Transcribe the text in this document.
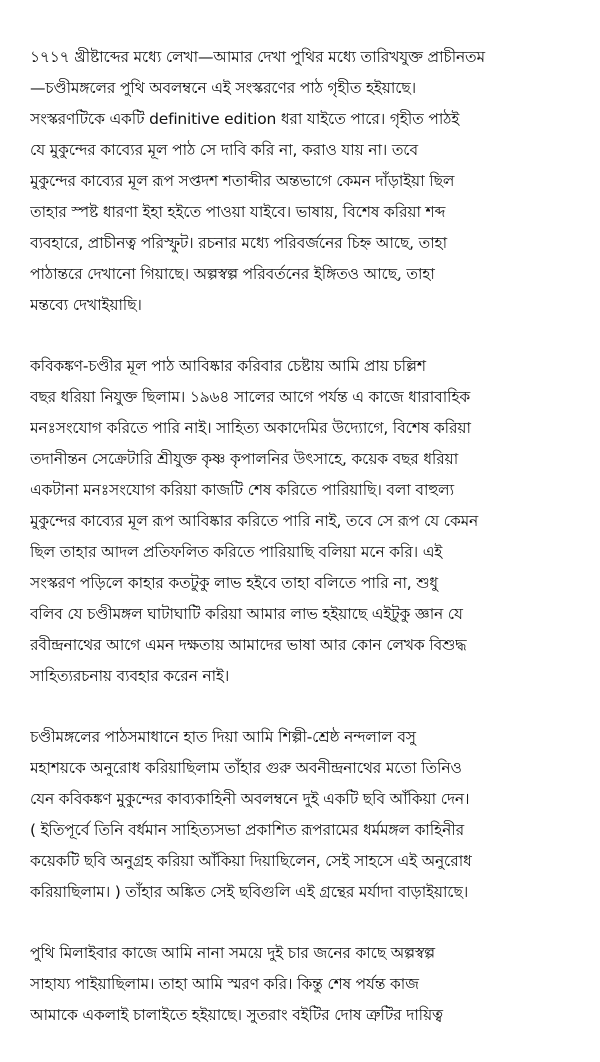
১৭১৭ খ্রীষ্টাব্দের মধ্যে লেখা—আমার দেখা পুথির মধ্যে তারিখযুক্ত প্রাচীনতম
—চণ্ডীমঙ্গলের পুথি অবলম্বনে এই সংস্করণের পাঠ গৃহীত হইয়াছে।
সংস্করণটিকে একটি definitive edition ধরা যাইতে পারে। গৃহীত পাঠই
যে মুকুন্দের কাব্যের মূল পাঠ সে দাবি করি না, করাও যায় না। তবে
মুকুন্দের কাব্যের মূল রূপ সপ্তদশ শতাব্দীর অন্তভাগে কেমন দাঁড়াইয়া ছিল
তাহার স্পষ্ট ধারণা ইহা হইতে পাওয়া যাইবে। ভাষায়, বিশেষ করিয়া শব্দ
ব্যবহারে, প্রাচীনত্ব পরিস্ফুট। রচনার মধ্যে পরিবর্জনের চিহ্ন আছে, তাহা
পাঠান্তরে দেখানো গিয়াছে। অল্পস্বল্প পরিবর্তনের ইঙ্গিতও আছে, তাহা
মন্তব্যে দেখাইয়াছি।
কবিকঙ্কণ-চণ্ডীর মূল পাঠ আবিষ্কার করিবার চেষ্টায় আমি প্রায় চল্লিশ
বছর ধরিয়া নিযুক্ত ছিলাম। ১৯৬৪ সালের আগে পর্যন্ত এ কাজে ধারাবাহিক
মনঃসংযোগ করিতে পারি নাই। সাহিত্য অকাদেমির উদ্যোগে, বিশেষ করিয়া
তদানীন্তন সেক্রেটারি শ্রীযুক্ত কৃষ্ণ কৃপালনির উৎসাহে, কয়েক বছর ধরিয়া
একটানা মনঃসংযোগ করিয়া কাজটি শেষ করিতে পারিয়াছি। বলা বাহুল্য
মুকুন্দের কাব্যের মূল রূপ আবিষ্কার করিতে পারি নাই, তবে সে রূপ যে কেমন
ছিল তাহার আদল প্রতিফলিত করিতে পারিয়াছি বলিয়া মনে করি। এই
সংস্করণ পড়িলে কাহার কতটুকু লাভ হইবে তাহা বলিতে পারি না, শুধু
বলিব যে চণ্ডীমঙ্গল ঘাটাঘাটি করিয়া আমার লাভ হইয়াছে এইটুকু জ্ঞান যে
রবীন্দ্রনাথের আগে এমন দক্ষতায় আমাদের ভাষা আর কোন লেখক বিশুদ্ধ
সাহিত্যরচনায় ব্যবহার করেন নাই।
চণ্ডীমঙ্গলের পাঠসমাধানে হাত দিয়া আমি শিল্পী-শ্রেষ্ঠ নন্দলাল বসু
মহাশয়কে অনুরোধ করিয়াছিলাম তাঁহার গুরু অবনীন্দ্রনাথের মতো তিনিও
যেন কবিকঙ্কণ মুকুন্দের কাব্যকাহিনী অবলম্বনে দুই একটি ছবি আঁকিয়া দেন।
( ইতিপূর্বে তিনি বর্ধমান সাহিত্যসভা প্রকাশিত রূপরামের ধর্মমঙ্গল কাহিনীর
কয়েকটি ছবি অনুগ্রহ করিয়া আঁকিয়া দিয়াছিলেন, সেই সাহসে এই অনুরোধ
করিয়াছিলাম। ) তাঁহার অঙ্কিত সেই ছবিগুলি এই গ্রন্থের মর্যাদা বাড়াইয়াছে।
পুথি মিলাইবার কাজে আমি নানা সময়ে দুই চার জনের কাছে অল্পস্বল্প
সাহায্য পাইয়াছিলাম। তাহা আমি স্মরণ করি। কিন্তু শেষ পর্যন্ত কাজ
আমাকে একলাই চালাইতে হইয়াছে। সুতরাং বইটির দোষ ত্রুটির দায়িত্ব
